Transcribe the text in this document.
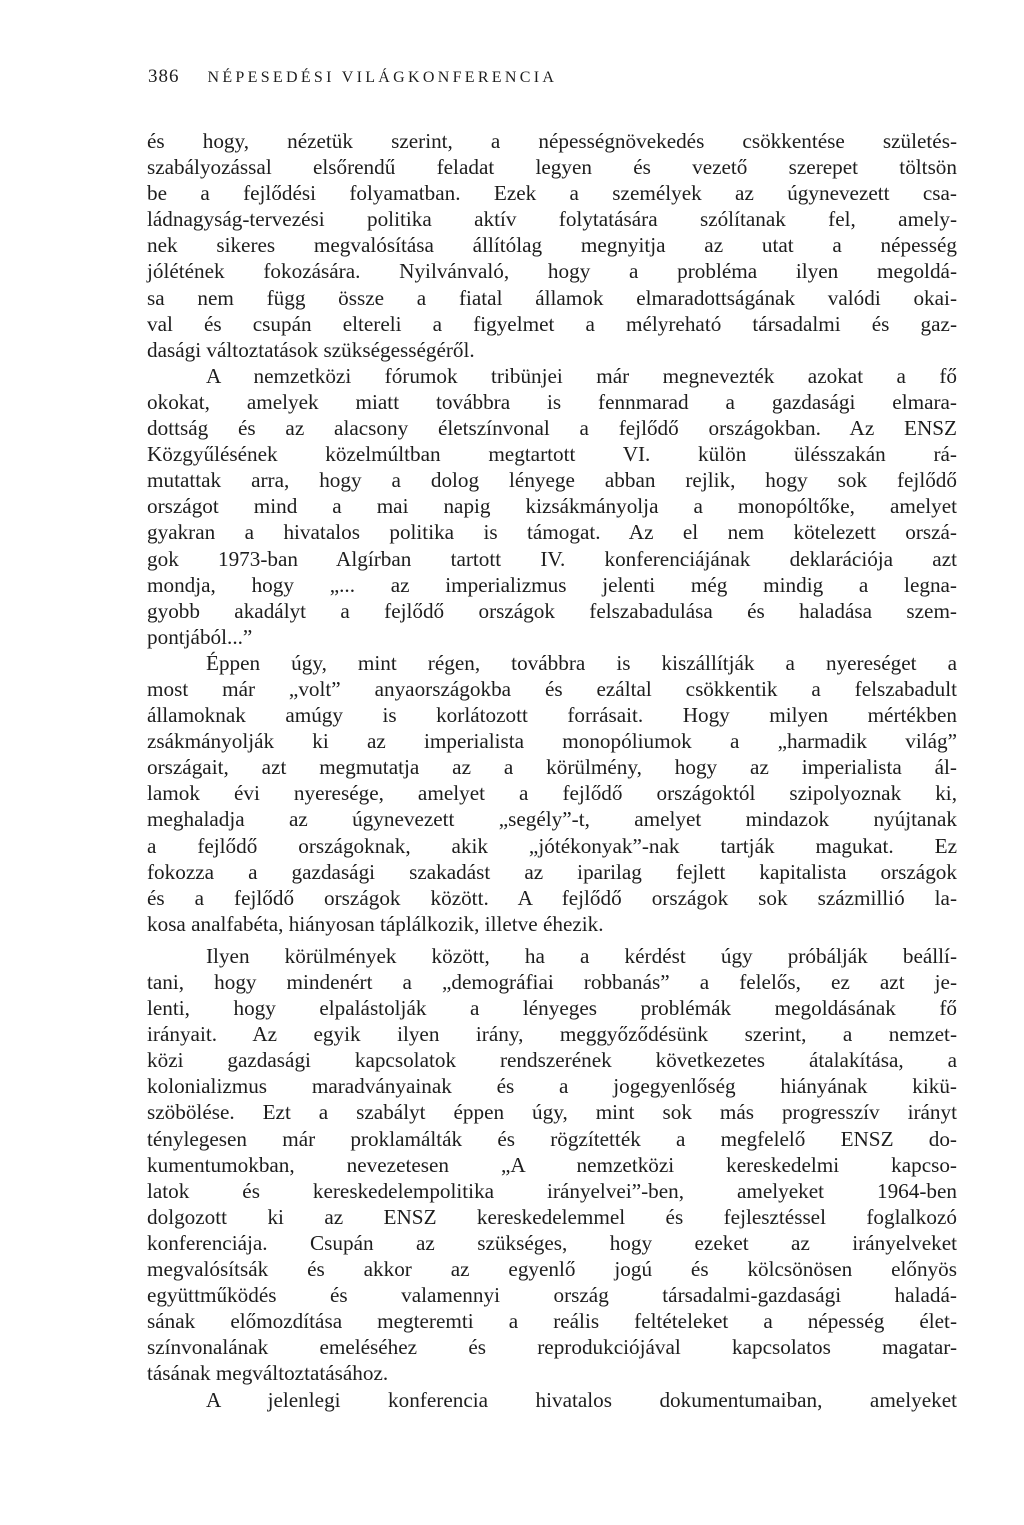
386 NÉPESEDÉSI VILÁGKONFERENCIA
és hogy, nézetük szerint, a népességnövekedés csökkentése születés-
szabályozással elsőrendű feladat legyen és vezető szerepet töltsön
be a fejlődési folyamatban. Ezek a személyek az úgynevezett csa-
ládnagyság-tervezési politika aktív folytatására szólítanak fel, amely-
nek sikeres megvalósítása állítólag megnyitja az utat a népesség
jólétének fokozására. Nyilvánvaló, hogy a probléma ilyen megoldá-
sa nem függ össze a fiatal államok elmaradottságának valódi okai-
val és csupán eltereli a figyelmet a mélyreható társadalmi és gaz-
dasági változtatások szükségességéről.
A nemzetközi fórumok tribünjei már megnevezték azokat a fő
okokat, amelyek miatt továbbra is fennmarad a gazdasági elmara-
dottság és az alacsony életszínvonal a fejlődő országokban. Az ENSZ
Közgyűlésének közelmúltban megtartott VI. külön ülésszakán rá-
mutattak arra, hogy a dolog lényege abban rejlik, hogy sok fejlődő
országot mind a mai napig kizsákmányolja a monopóltőke, amelyet
gyakran a hivatalos politika is támogat. Az el nem kötelezett orszá-
gok 1973-ban Algírban tartott IV. konferenciájának deklarációja azt
mondja, hogy „... az imperializmus jelenti még mindig a legna-
gyobb akadályt a fejlődő országok felszabadulása és haladása szem-
pontjából...”
Éppen úgy, mint régen, továbbra is kiszállítják a nyereséget a
most már „volt” anyaországokba és ezáltal csökkentik a felszabadult
államoknak amúgy is korlátozott forrásait. Hogy milyen mértékben
zsákmányolják ki az imperialista monopóliumok a „harmadik világ”
országait, azt megmutatja az a körülmény, hogy az imperialista ál-
lamok évi nyeresége, amelyet a fejlődő országoktól szipolyoznak ki,
meghaladja az úgynevezett „segély”-t, amelyet mindazok nyújtanak
a fejlődő országoknak, akik „jótékonyak”-nak tartják magukat. Ez
fokozza a gazdasági szakadást az iparilag fejlett kapitalista országok
és a fejlődő országok között. A fejlődő országok sok százmillió la-
kosa analfabéta, hiányosan táplálkozik, illetve éhezik.
Ilyen körülmények között, ha a kérdést úgy próbálják beállí-
tani, hogy mindenért a „demográfiai robbanás” a felelős, ez azt je-
lenti, hogy elpalástolják a lényeges problémák megoldásának fő
irányait. Az egyik ilyen irány, meggyőződésünk szerint, a nemzet-
közi gazdasági kapcsolatok rendszerének következetes átalakítása, a
kolonializmus maradványainak és a jogegyenlőség hiányának kikü-
szöbölése. Ezt a szabályt éppen úgy, mint sok más progresszív irányt
ténylegesen már proklamálták és rögzítették a megfelelő ENSZ do-
kumentumokban, nevezetesen „A nemzetközi kereskedelmi kapcso-
latok és kereskedelempolitika irányelvei”-ben, amelyeket 1964-ben
dolgozott ki az ENSZ kereskedelemmel és fejlesztéssel foglalkozó
konferenciája. Csupán az szükséges, hogy ezeket az irányelveket
megvalósítsák és akkor az egyenlő jogú és kölcsönösen előnyös
együttműködés és valamennyi ország társadalmi-gazdasági haladá-
sának előmozdítása megteremti a reális feltételeket a népesség élet-
színvonalának emeléséhez és reprodukciójával kapcsolatos magatar-
tásának megváltoztatásához.
A jelenlegi konferencia hivatalos dokumentumaiban, amelyeket
